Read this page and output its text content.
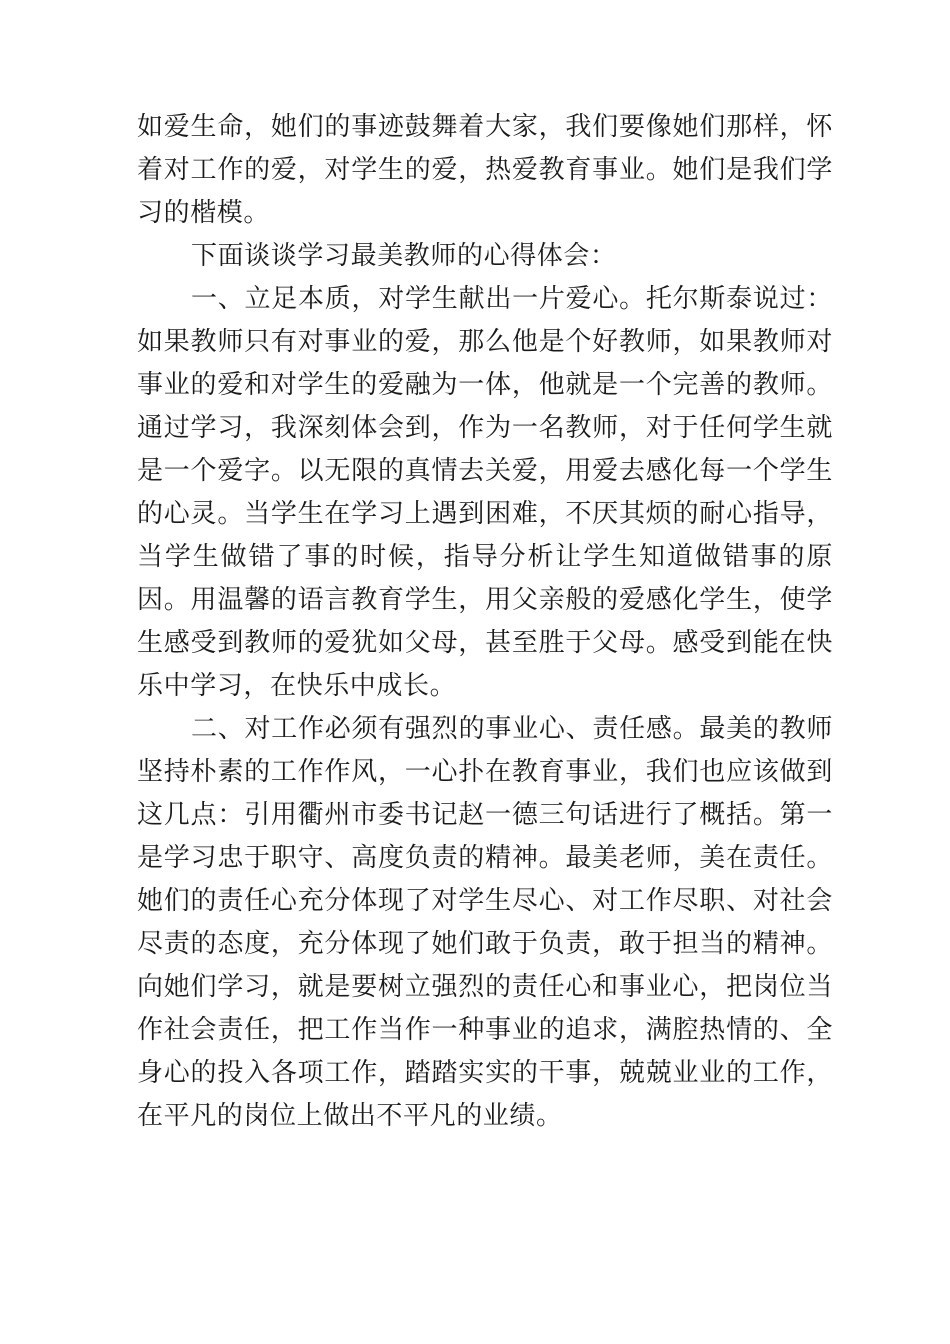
如爱生命，她们的事迹鼓舞着大家，我们要像她们那样，怀着对工作的爱，对学生的爱，热爱教育事业。她们是我们学习的楷模。

下面谈谈学习最美教师的心得体会：

一、立足本质，对学生献出一片爱心。托尔斯泰说过：如果教师只有对事业的爱，那么他是个好教师，如果教师对事业的爱和对学生的爱融为一体，他就是一个完善的教师。通过学习，我深刻体会到，作为一名教师，对于任何学生就是一个爱字。以无限的真情去关爱，用爱去感化每一个学生的心灵。当学生在学习上遇到困难，不厌其烦的耐心指导，当学生做错了事的时候，指导分析让学生知道做错事的原因。用温馨的语言教育学生，用父亲般的爱感化学生，使学生感受到教师的爱犹如父母，甚至胜于父母。感受到能在快乐中学习，在快乐中成长。

二、对工作必须有强烈的事业心、责任感。最美的教师坚持朴素的工作作风，一心扑在教育事业，我们也应该做到这几点：引用衢州市委书记赵一德三句话进行了概括。第一是学习忠于职守、高度负责的精神。最美老师，美在责任。她们的责任心充分体现了对学生尽心、对工作尽职、对社会尽责的态度，充分体现了她们敢于负责，敢于担当的精神。向她们学习，就是要树立强烈的责任心和事业心，把岗位当作社会责任，把工作当作一种事业的追求，满腔热情的、全身心的投入各项工作，踏踏实实的干事，兢兢业业的工作，在平凡的岗位上做出不平凡的业绩。
